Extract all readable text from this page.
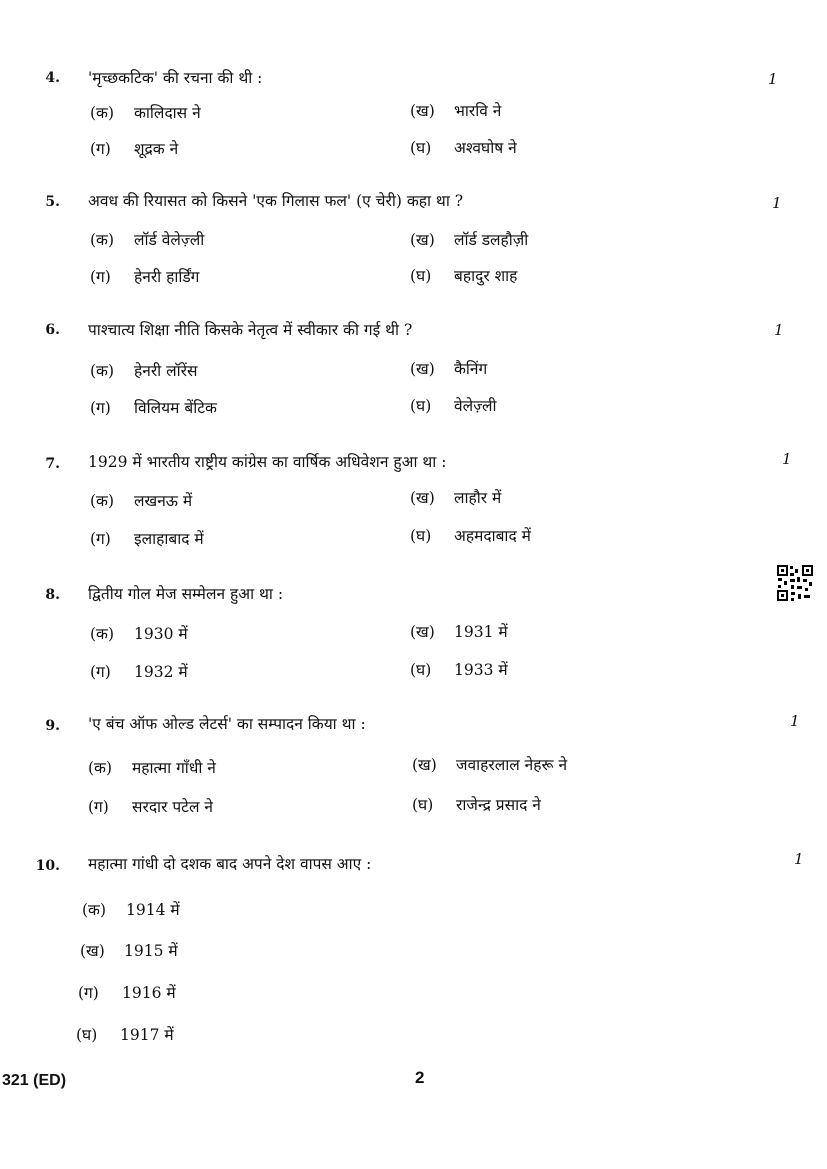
4. 'मृच्छकटिक' की रचना की थी :	1
(क) कालिदास ने	(ख) भारवि ने
(ग) शूद्रक ने	(घ) अश्वघोष ने
5. अवध की रियासत को किसने 'एक गिलास फल' (ए चेरी) कहा था ?	1
(क) लॉर्ड वेलेज़्ली	(ख) लॉर्ड डलहौज़ी
(ग) हेनरी हार्डिंग	(घ) बहादुर शाह
6. पाश्चात्य शिक्षा नीति किसके नेतृत्व में स्वीकार की गई थी ?	1
(क) हेनरी लॉरेंस	(ख) कैनिंग
(ग) विलियम बेंटिक	(घ) वेलेज़्ली
7. 1929 में भारतीय राष्ट्रीय कांग्रेस का वार्षिक अधिवेशन हुआ था :	1
(क) लखनऊ में	(ख) लाहौर में
(ग) इलाहाबाद में	(घ) अहमदाबाद में
8. द्वितीय गोल मेज सम्मेलन हुआ था :
(क) 1930 में	(ख) 1931 में
(ग) 1932 में	(घ) 1933 में
9. 'ए बंच ऑफ ओल्ड लेटर्स' का सम्पादन किया था :	1
(क) महात्मा गाँधी ने	(ख) जवाहरलाल नेहरू ने
(ग) सरदार पटेल ने	(घ) राजेन्द्र प्रसाद ने
10. महात्मा गांधी दो दशक बाद अपने देश वापस आए :	1
(क) 1914 में
(ख) 1915 में
(ग) 1916 में
(घ) 1917 में
321 (ED)	2
